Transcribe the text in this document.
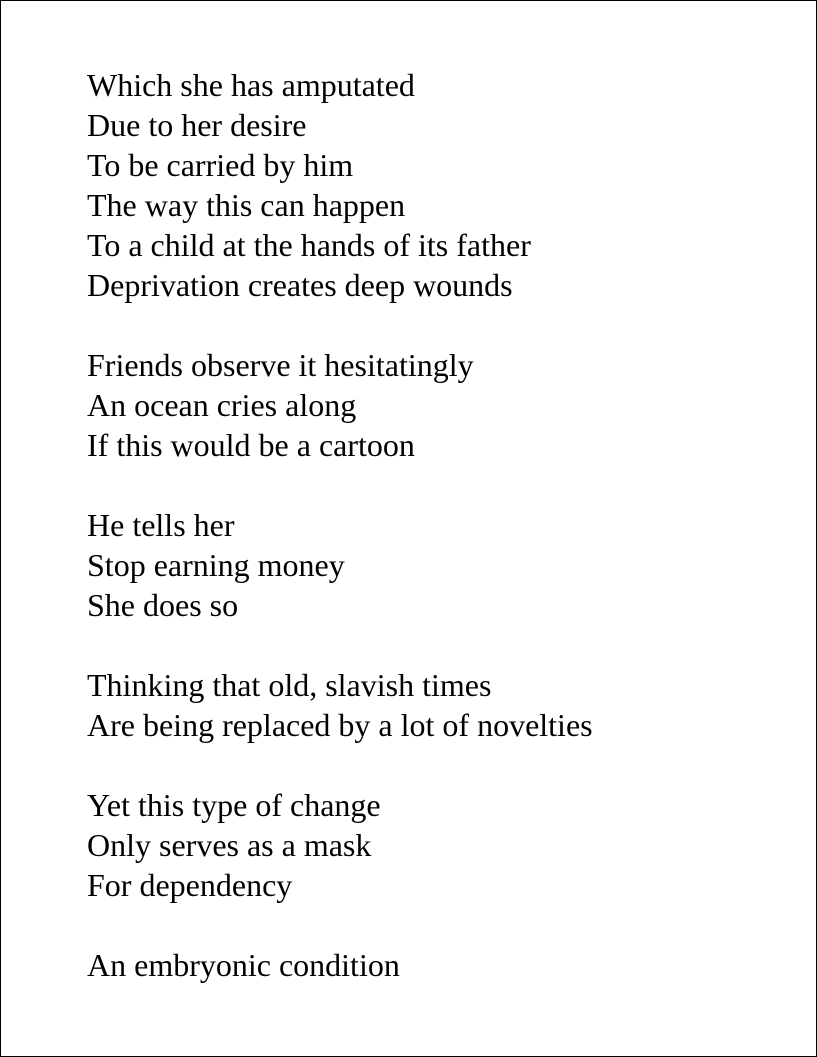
Which she has amputated
Due to her desire
To be carried by him
The way this can happen
To a child at the hands of its father
Deprivation creates deep wounds
Friends observe it hesitatingly
An ocean cries along
If this would be a cartoon
He tells her
Stop earning money
She does so
Thinking that old, slavish times
Are being replaced by a lot of novelties
Yet this type of change
Only serves as a mask
For dependency
An embryonic condition
